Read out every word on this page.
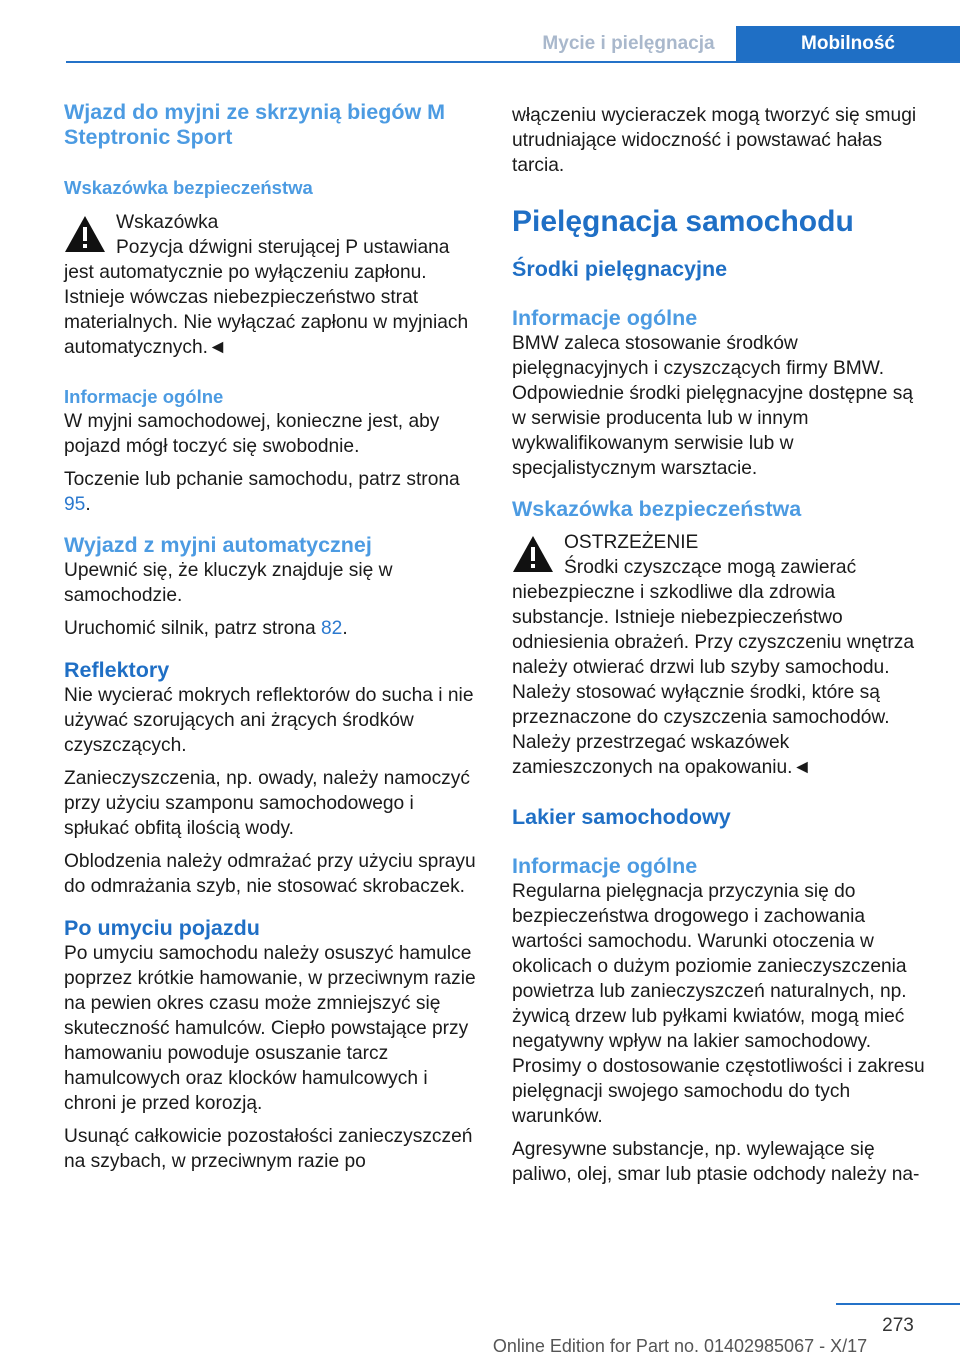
Mycie i pielęgnacja	Mobilność
Wjazd do myjni ze skrzynią biegów M Steptronic Sport
Wskazówka bezpieczeństwa
Wskazówka
Pozycja dźwigni sterującej P ustawiana jest automatycznie po wyłączeniu zapłonu. Istnieje wówczas niebezpieczeństwo strat materialnych. Nie wyłączać zapłonu w myjniach automatycznych.◄
Informacje ogólne
W myjni samochodowej, konieczne jest, aby pojazd mógł toczyć się swobodnie.
Toczenie lub pchanie samochodu, patrz strona 95.
Wyjazd z myjni automatycznej
Upewnić się, że kluczyk znajduje się w samochodzie.
Uruchomić silnik, patrz strona 82.
Reflektory
Nie wycierać mokrych reflektorów do sucha i nie używać szorujących ani żrących środków czyszczących.
Zanieczyszczenia, np. owady, należy namoczyć przy użyciu szamponu samochodowego i spłukać obfitą ilością wody.
Oblodzenia należy odmrażać przy użyciu sprayu do odmrażania szyb, nie stosować skrobaczek.
Po umyciu pojazdu
Po umyciu samochodu należy osuszyć hamulce poprzez krótkie hamowanie, w przeciwnym razie na pewien okres czasu może zmniejszyć się skuteczność hamulców. Ciepło powstające przy hamowaniu powoduje osuszanie tarcz hamulcowych oraz klocków hamulcowych i chroni je przed korozją.
Usunąć całkowicie pozostałości zanieczyszczeń na szybach, w przeciwnym razie po
włączeniu wycieraczek mogą tworzyć się smugi utrudniające widoczność i powstawać hałas tarcia.
Pielęgnacja samochodu
Środki pielęgnacyjne
Informacje ogólne
BMW zaleca stosowanie środków pielęgnacyjnych i czyszczących firmy BMW. Odpowiednie środki pielęgnacyjne dostępne są w serwisie producenta lub w innym wykwalifikowanym serwisie lub w specjalistycznym warsztacie.
Wskazówka bezpieczeństwa
OSTRZEŻENIE
Środki czyszczące mogą zawierać niebezpieczne i szkodliwe dla zdrowia substancje. Istnieje niebezpieczeństwo odniesienia obrażeń. Przy czyszczeniu wnętrza należy otwierać drzwi lub szyby samochodu. Należy stosować wyłącznie środki, które są przeznaczone do czyszczenia samochodów. Należy przestrzegać wskazówek zamieszczonych na opakowaniu.◄
Lakier samochodowy
Informacje ogólne
Regularna pielęgnacja przyczynia się do bezpieczeństwa drogowego i zachowania wartości samochodu. Warunki otoczenia w okolicach o dużym poziomie zanieczyszczenia powietrza lub zanieczyszczeń naturalnych, np. żywicą drzew lub pyłkami kwiatów, mogą mieć negatywny wpływ na lakier samochodowy. Prosimy o dostosowanie częstotliwości i zakresu pielęgnacji swojego samochodu do tych warunków.
Agresywne substancje, np. wylewające się paliwo, olej, smar lub ptasie odchody należy na-
273
Online Edition for Part no. 01402985067 - X/17
